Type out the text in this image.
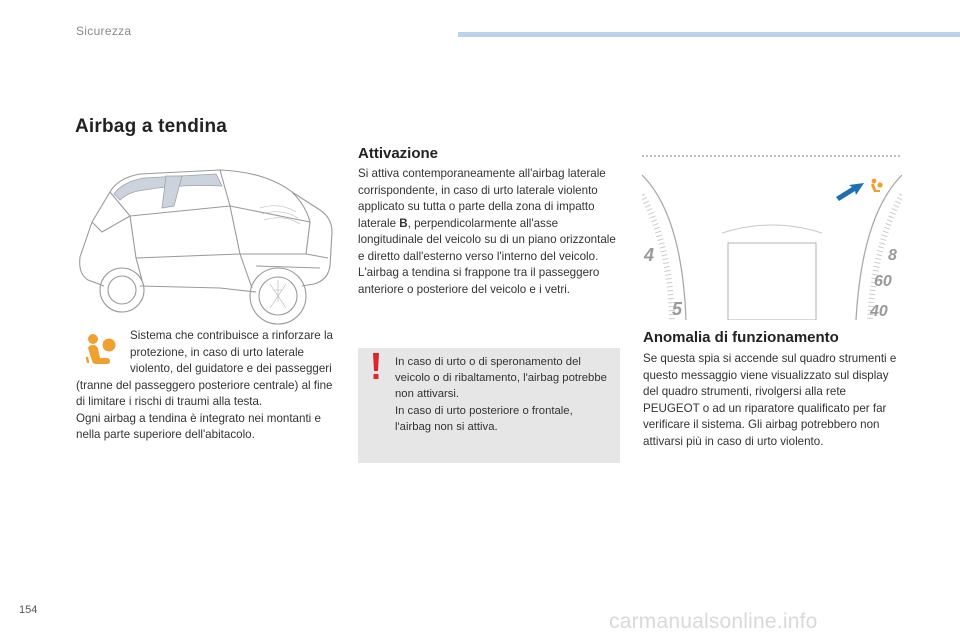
Sicurezza
Airbag a tendina

Sistema che contribuisce a rinforzare la protezione, in caso di urto laterale violento, del guidatore e dei passeggeri (tranne del passeggero posteriore centrale) al fine di limitare i rischi di traumi alla testa.

Ogni airbag a tendina è integrato nei montanti e nella parte superiore dell'abitacolo.

Attivazione

Si attiva contemporaneamente all'airbag laterale corrispondente, in caso di urto laterale violento applicato su tutta o parte della zona di impatto laterale B, perpendicolarmente all'asse longitudinale del veicolo su di un piano orizzontale e diretto dall'esterno verso l'interno del veicolo.

L'airbag a tendina si frappone tra il passeggero anteriore o posteriore del veicolo e i vetri.

In caso di urto o di speronamento del veicolo o di ribaltamento, l'airbag potrebbe non attivarsi.

In caso di urto posteriore o frontale, l'airbag non si attiva.

4
5
8
60
40
Anomalia di funzionamento

Se questa spia si accende sul quadro strumenti e questo messaggio viene visualizzato sul display del quadro strumenti, rivolgersi alla rete PEUGEOT o ad un riparatore qualificato per far verificare il sistema. Gli airbag potrebbero non attivarsi più in caso di urto violento.

154	carmanualsonline.info
